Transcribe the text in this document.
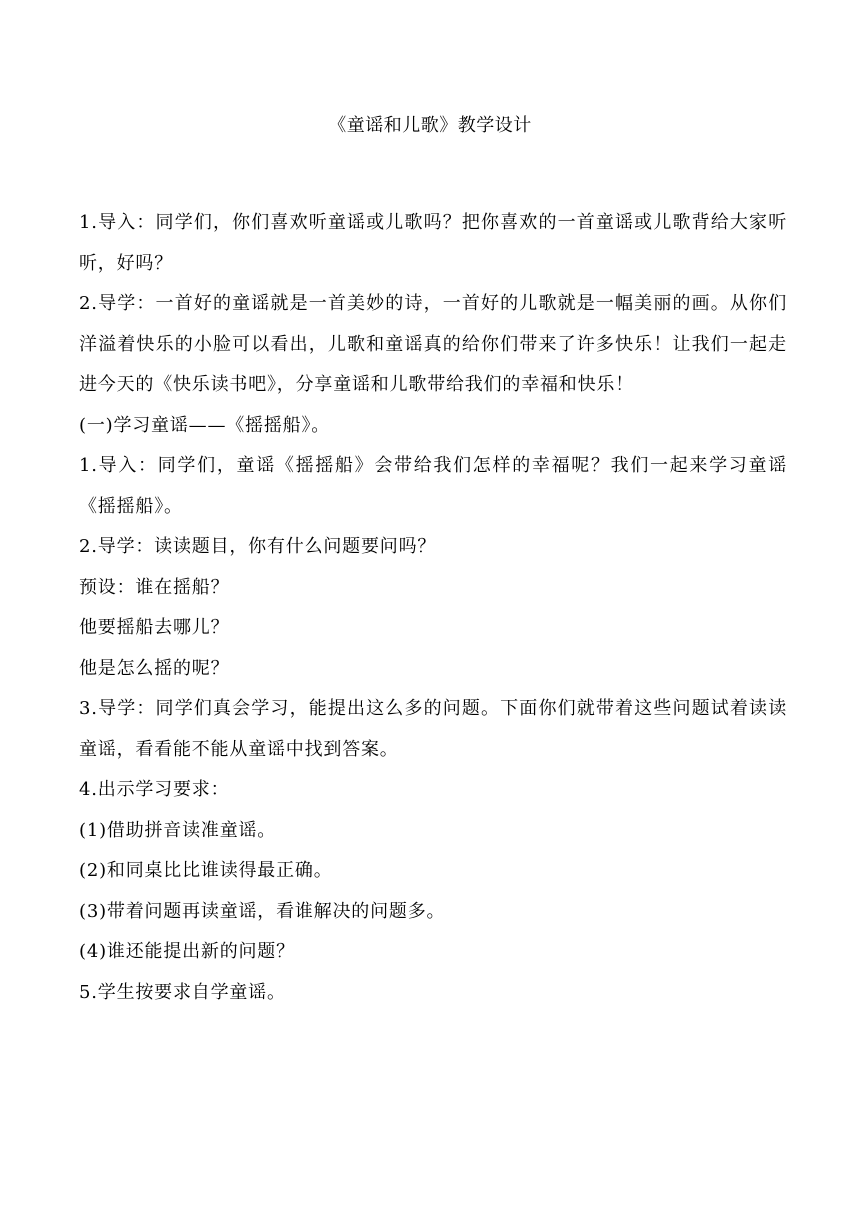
《童谣和儿歌》教学设计

1.导入：同学们，你们喜欢听童谣或儿歌吗？把你喜欢的一首童谣或儿歌背给大家听听，好吗？

2.导学：一首好的童谣就是一首美妙的诗，一首好的儿歌就是一幅美丽的画。从你们洋溢着快乐的小脸可以看出，儿歌和童谣真的给你们带来了许多快乐！让我们一起走进今天的《快乐读书吧》，分享童谣和儿歌带给我们的幸福和快乐！

(一)学习童谣——《摇摇船》。

1.导入：同学们，童谣《摇摇船》会带给我们怎样的幸福呢？我们一起来学习童谣《摇摇船》。

2.导学：读读题目，你有什么问题要问吗？

预设：谁在摇船？

他要摇船去哪儿？

他是怎么摇的呢？

3.导学：同学们真会学习，能提出这么多的问题。下面你们就带着这些问题试着读读童谣，看看能不能从童谣中找到答案。

4.出示学习要求：

(1)借助拼音读准童谣。

(2)和同桌比比谁读得最正确。

(3)带着问题再读童谣，看谁解决的问题多。

(4)谁还能提出新的问题？

5.学生按要求自学童谣。
